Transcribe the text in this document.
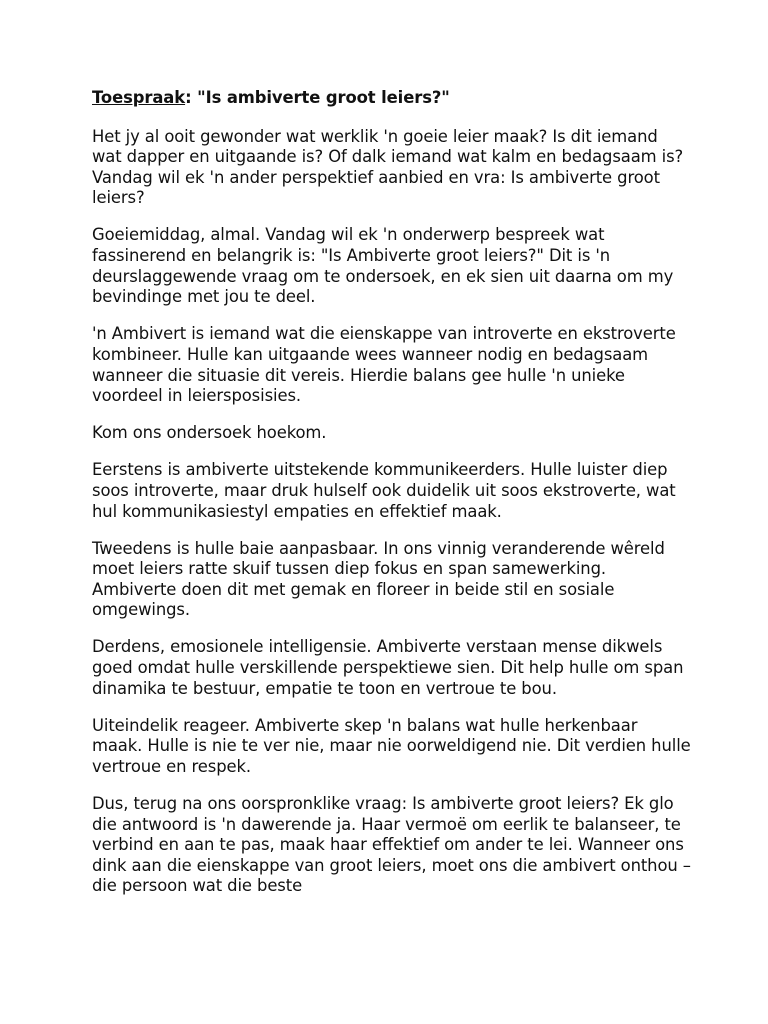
Toespraak: "Is ambiverte groot leiers?"

Het jy al ooit gewonder wat werklik 'n goeie leier maak? Is dit iemand wat dapper en uitgaande is? Of dalk iemand wat kalm en bedagsaam is? Vandag wil ek 'n ander perspektief aanbied en vra: Is ambiverte groot leiers?

Goeiemiddag, almal. Vandag wil ek 'n onderwerp bespreek wat fassinerend en belangrik is: "Is Ambiverte groot leiers?" Dit is 'n deurslaggewende vraag om te ondersoek, en ek sien uit daarna om my bevindinge met jou te deel.

'n Ambivert is iemand wat die eienskappe van introverte en ekstroverte kombineer. Hulle kan uitgaande wees wanneer nodig en bedagsaam wanneer die situasie dit vereis. Hierdie balans gee hulle 'n unieke voordeel in leiersposisies.

Kom ons ondersoek hoekom.

Eerstens is ambiverte uitstekende kommunikeerders. Hulle luister diep soos introverte, maar druk hulself ook duidelik uit soos ekstroverte, wat hul kommunikasiestyl empaties en effektief maak.

Tweedens is hulle baie aanpasbaar. In ons vinnig veranderende wêreld moet leiers ratte skuif tussen diep fokus en span samewerking. Ambiverte doen dit met gemak en floreer in beide stil en sosiale omgewings.

Derdens, emosionele intelligensie. Ambiverte verstaan mense dikwels goed omdat hulle verskillende perspektiewe sien. Dit help hulle om span dinamika te bestuur, empatie te toon en vertroue te bou.

Uiteindelik reageer. Ambiverte skep 'n balans wat hulle herkenbaar maak. Hulle is nie te ver nie, maar nie oorweldigend nie. Dit verdien hulle vertroue en respek.

Dus, terug na ons oorspronklike vraag: Is ambiverte groot leiers? Ek glo die antwoord is 'n dawerende ja. Haar vermoë om eerlik te balanseer, te verbind en aan te pas, maak haar effektief om ander te lei. Wanneer ons dink aan die eienskappe van groot leiers, moet ons die ambivert onthou – die persoon wat die beste
